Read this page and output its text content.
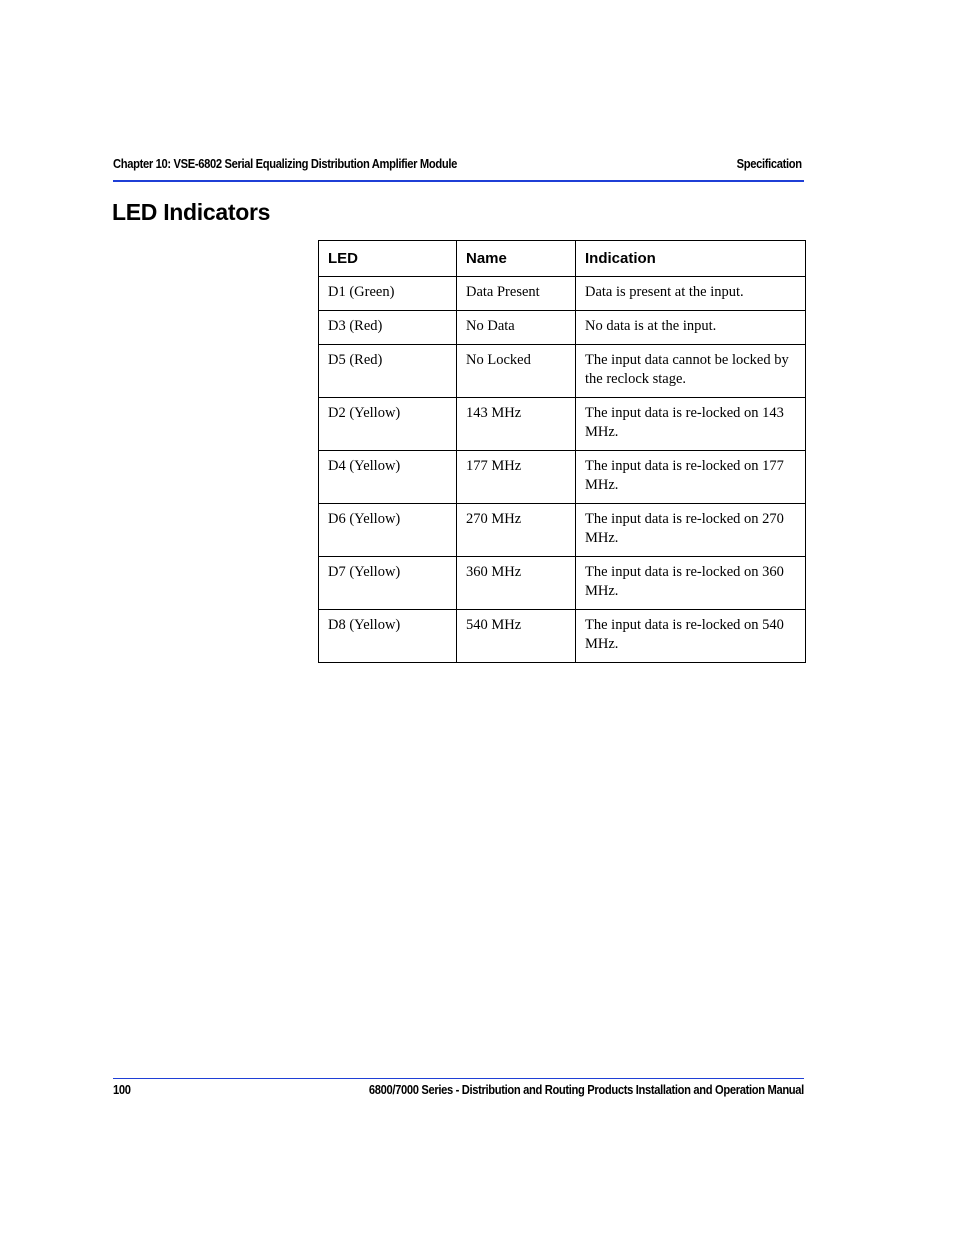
Chapter 10: VSE-6802 Serial Equalizing Distribution Amplifier Module	Specification
LED Indicators
LED	Name	Indication
D1 (Green)	Data Present	Data is present at the input.
D3 (Red)	No Data	No data is at the input.
D5 (Red)	No Locked	The input data cannot be locked by the reclock stage.
D2 (Yellow)	143 MHz	The input data is re-locked on 143 MHz.
D4 (Yellow)	177 MHz	The input data is re-locked on 177 MHz.
D6 (Yellow)	270 MHz	The input data is re-locked on 270 MHz.
D7 (Yellow)	360 MHz	The input data is re-locked on 360 MHz.
D8 (Yellow)	540 MHz	The input data is re-locked on 540 MHz.
100	6800/7000 Series - Distribution and Routing Products Installation and Operation Manual
